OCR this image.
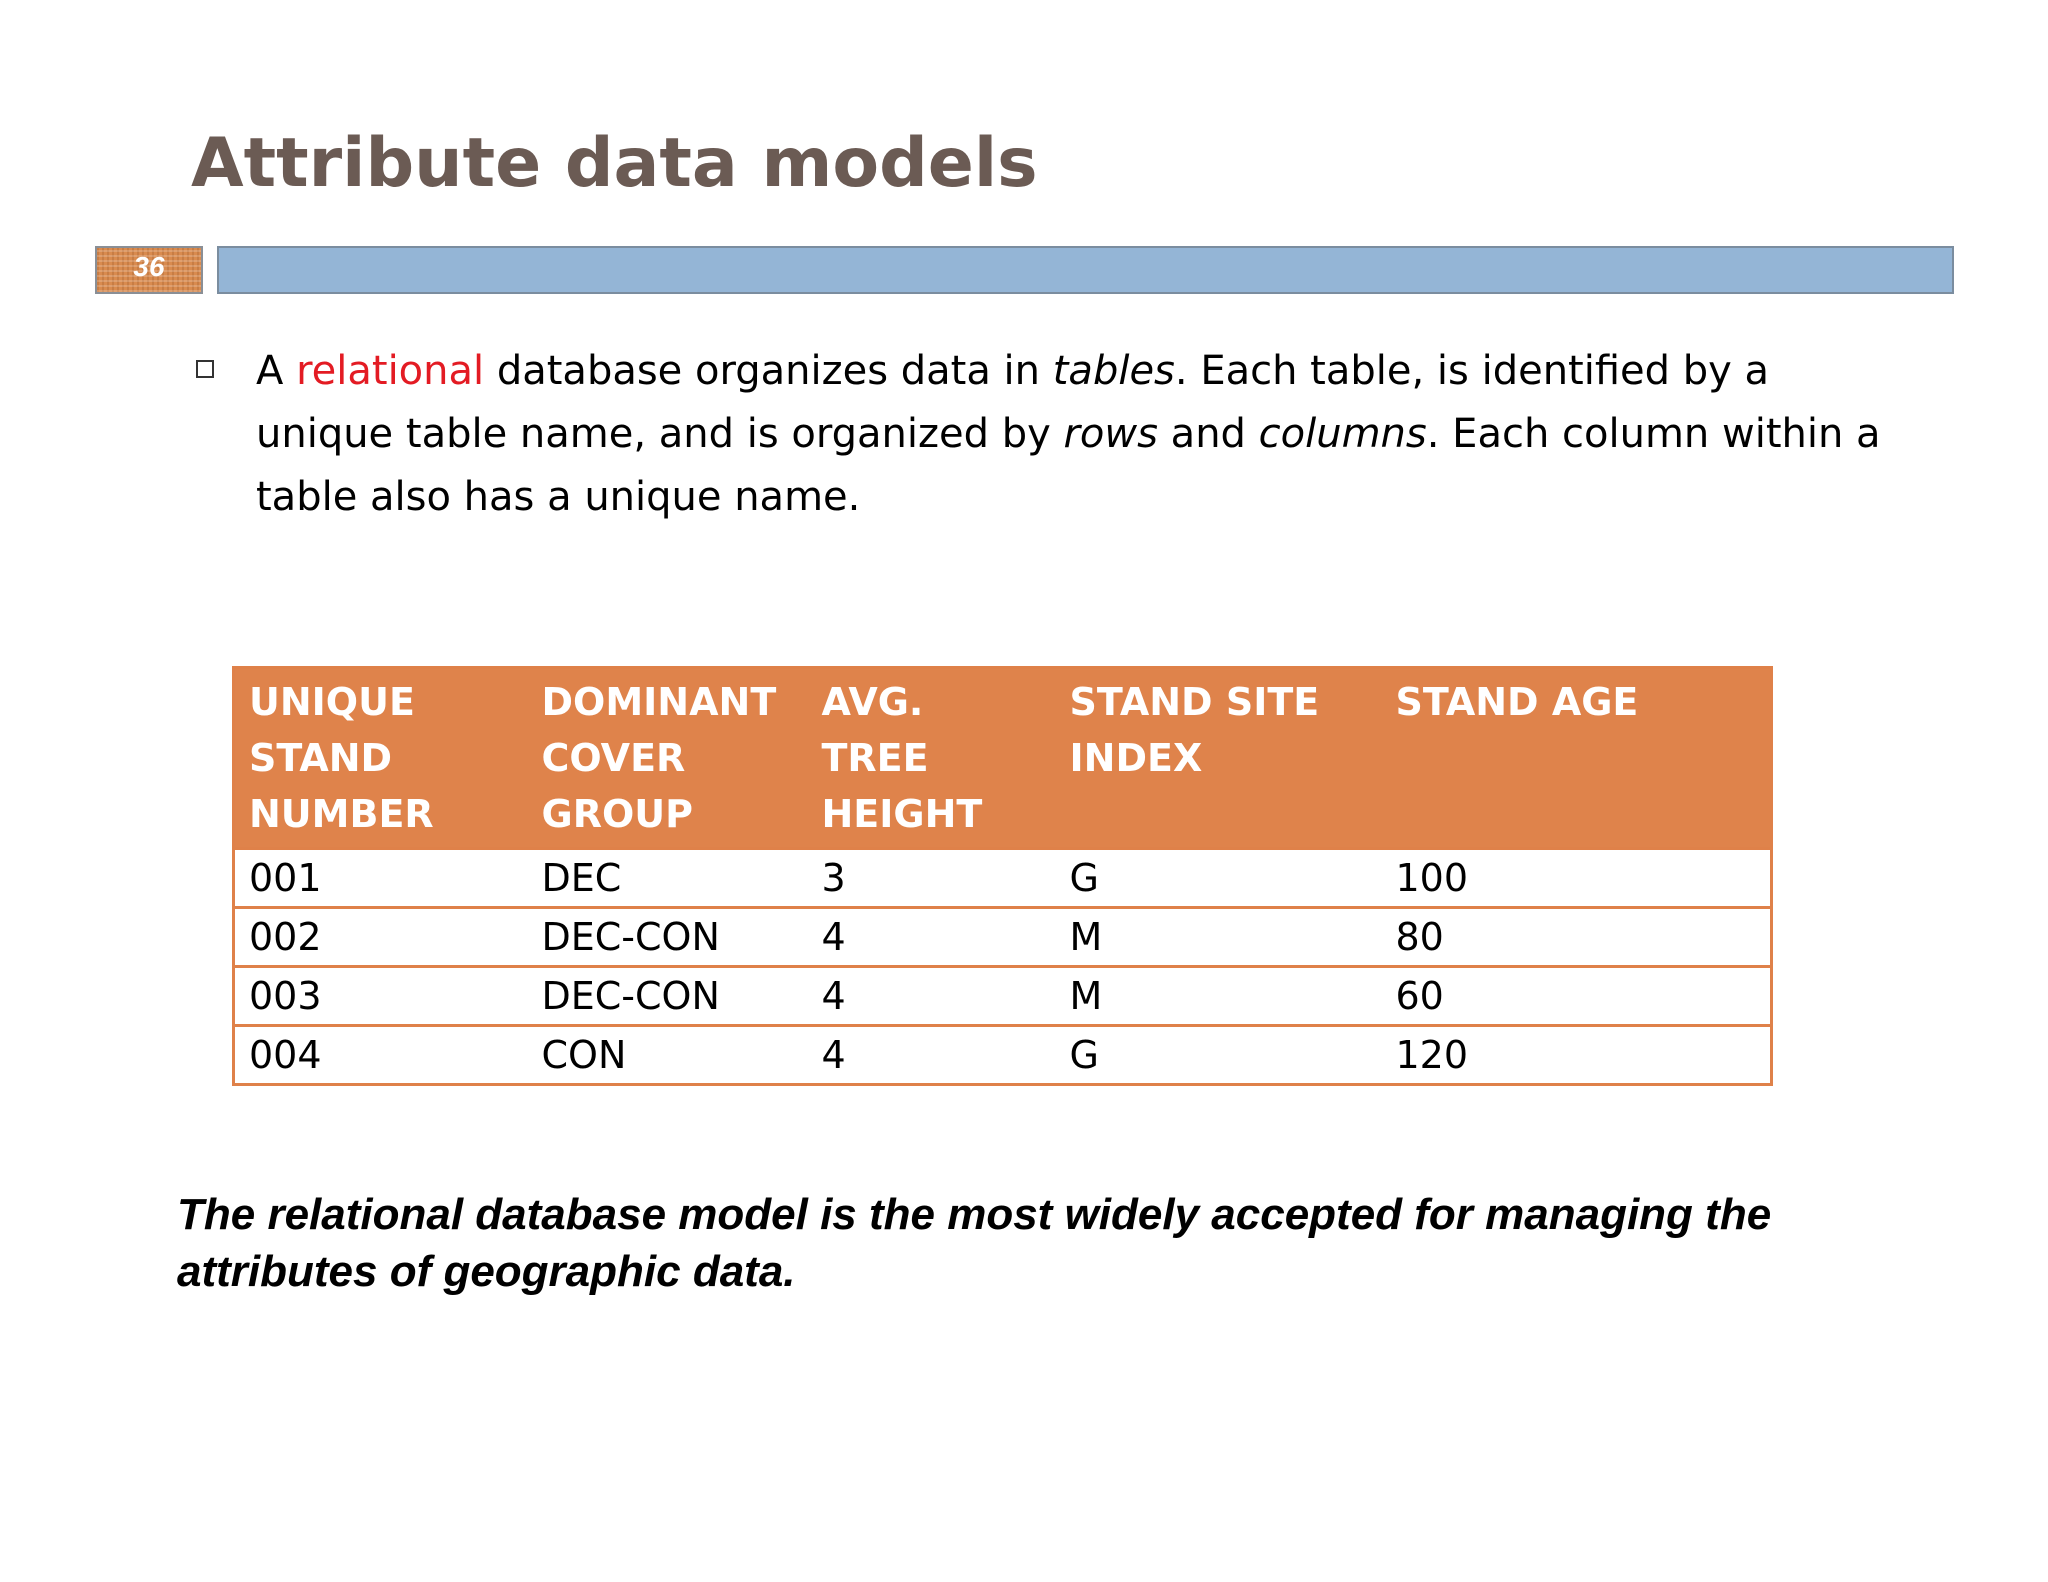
Attribute data models
36
A relational database organizes data in tables. Each table, is identified by a unique table name, and is organized by rows and columns. Each column within a table also has a unique name.
UNIQUE STAND NUMBER	DOMINANT COVER GROUP	AVG. TREE HEIGHT	STAND SITE INDEX	STAND AGE
001	DEC	3	G	100
002	DEC-CON	4	M	80
003	DEC-CON	4	M	60
004	CON	4	G	120
The relational database model is the most widely accepted for managing the attributes of geographic data.
